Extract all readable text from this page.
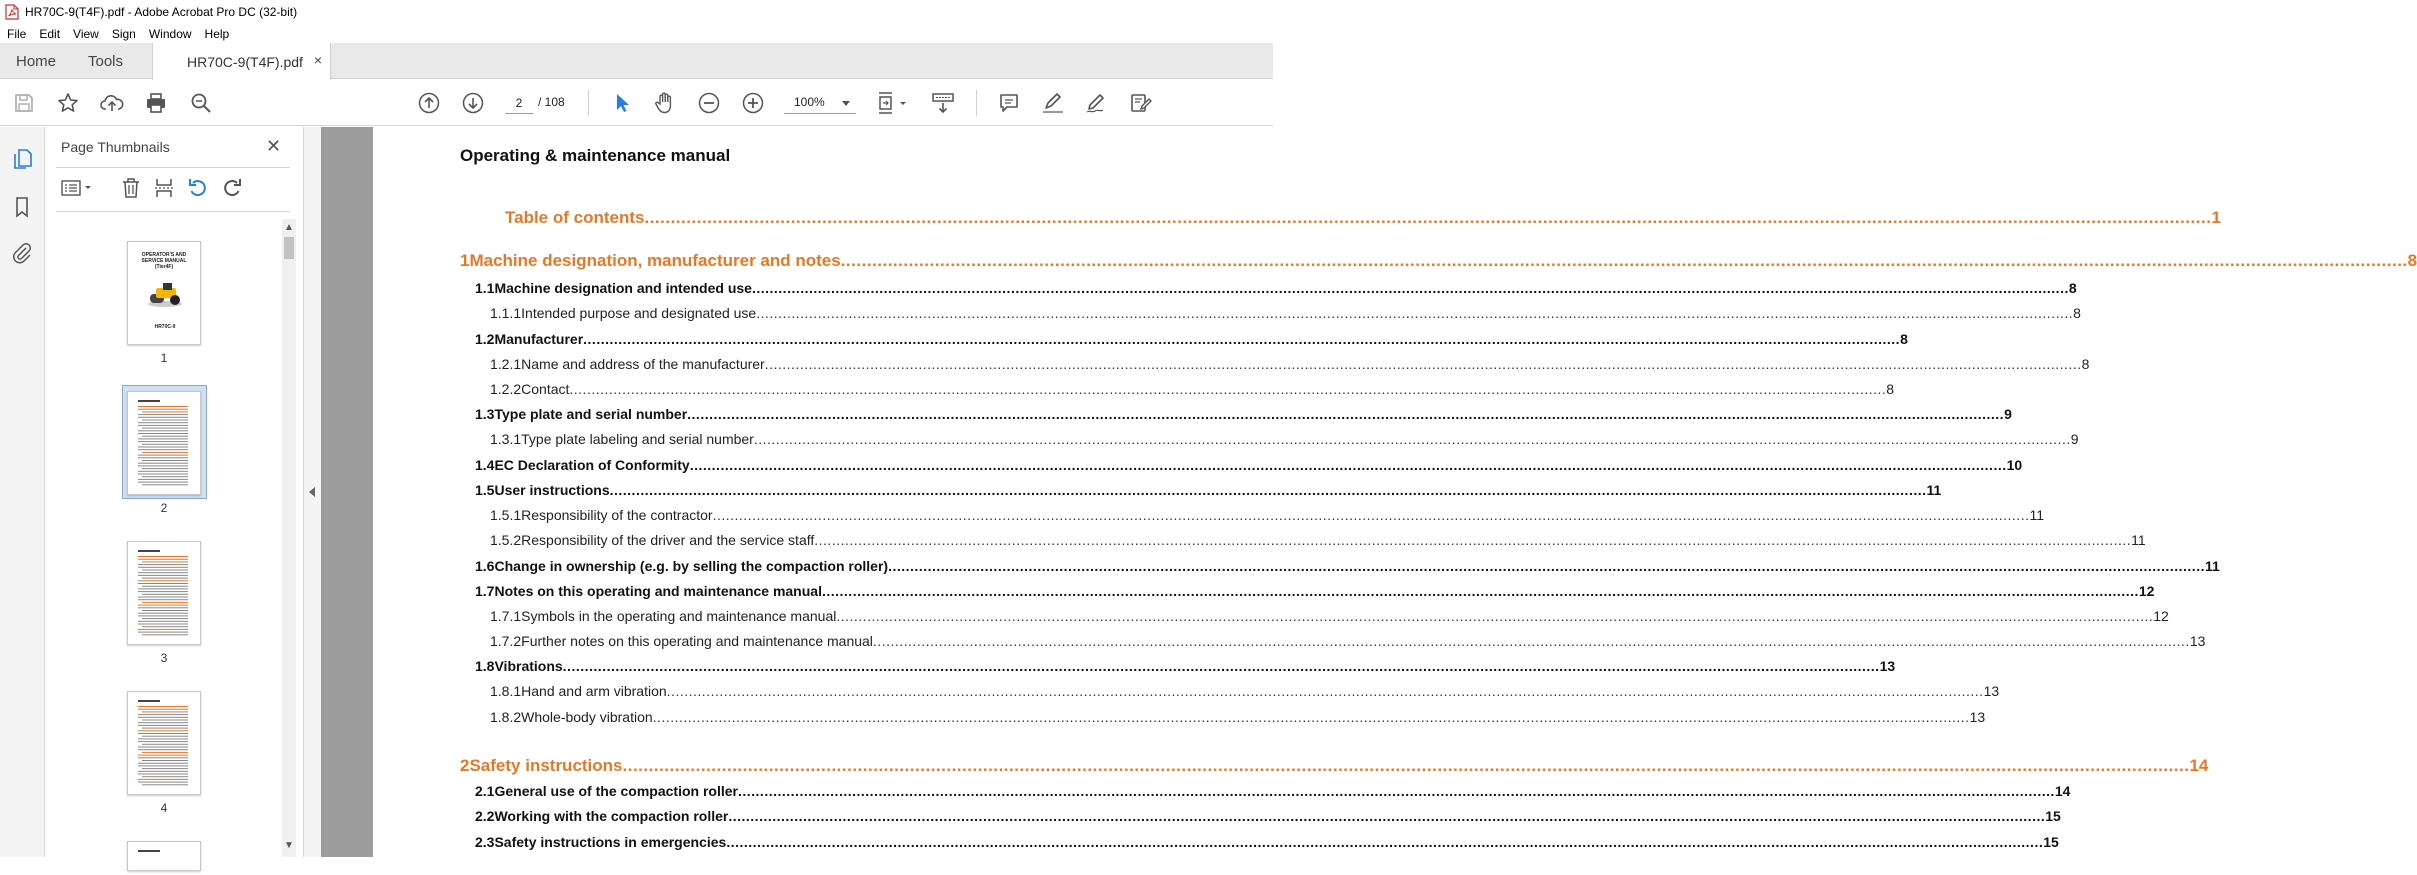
HR70C-9(T4F).pdf - Adobe Acrobat Pro DC (32-bit)
File Edit View Sign Window Help
Home Tools	HR70C-9(T4F).pdf ×
2
/ 108	100%
Page Thumbnails	✕
OPERATOR'S AND
SERVICE MANUAL
(Tier4F)
HR70C-9
1
2
3
4
▲
▼
Operating & maintenance manual
Table of contents ............................................................................................................................................................................................................................................................................................................ 1
1 Machine designation, manufacturer and notes ............................................................................................................................................................................................................................................................................................................ 8
1.1 Machine designation and intended use ............................................................................................................................................................................................................................................................................................................ 8
1.1.1 Intended purpose and designated use ............................................................................................................................................................................................................................................................................................................ 8
1.2 Manufacturer ............................................................................................................................................................................................................................................................................................................ 8
1.2.1 Name and address of the manufacturer ............................................................................................................................................................................................................................................................................................................ 8
1.2.2 Contact ............................................................................................................................................................................................................................................................................................................ 8
1.3 Type plate and serial number ............................................................................................................................................................................................................................................................................................................ 9
1.3.1 Type plate labeling and serial number ............................................................................................................................................................................................................................................................................................................ 9
1.4 EC Declaration of Conformity ............................................................................................................................................................................................................................................................................................................ 10
1.5 User instructions ............................................................................................................................................................................................................................................................................................................ 11
1.5.1 Responsibility of the contractor ............................................................................................................................................................................................................................................................................................................ 11
1.5.2 Responsibility of the driver and the service staff ............................................................................................................................................................................................................................................................................................................ 11
1.6 Change in ownership (e.g. by selling the compaction roller) ............................................................................................................................................................................................................................................................................................................ 11
1.7 Notes on this operating and maintenance manual ............................................................................................................................................................................................................................................................................................................ 12
1.7.1 Symbols in the operating and maintenance manual ............................................................................................................................................................................................................................................................................................................ 12
1.7.2 Further notes on this operating and maintenance manual ............................................................................................................................................................................................................................................................................................................ 13
1.8 Vibrations ............................................................................................................................................................................................................................................................................................................ 13
1.8.1 Hand and arm vibration ............................................................................................................................................................................................................................................................................................................ 13
1.8.2 Whole-body vibration ............................................................................................................................................................................................................................................................................................................ 13
2 Safety instructions ............................................................................................................................................................................................................................................................................................................ 14
2.1 General use of the compaction roller ............................................................................................................................................................................................................................................................................................................ 14
2.2 Working with the compaction roller ............................................................................................................................................................................................................................................................................................................ 15
2.3 Safety instructions in emergencies ............................................................................................................................................................................................................................................................................................................ 15
